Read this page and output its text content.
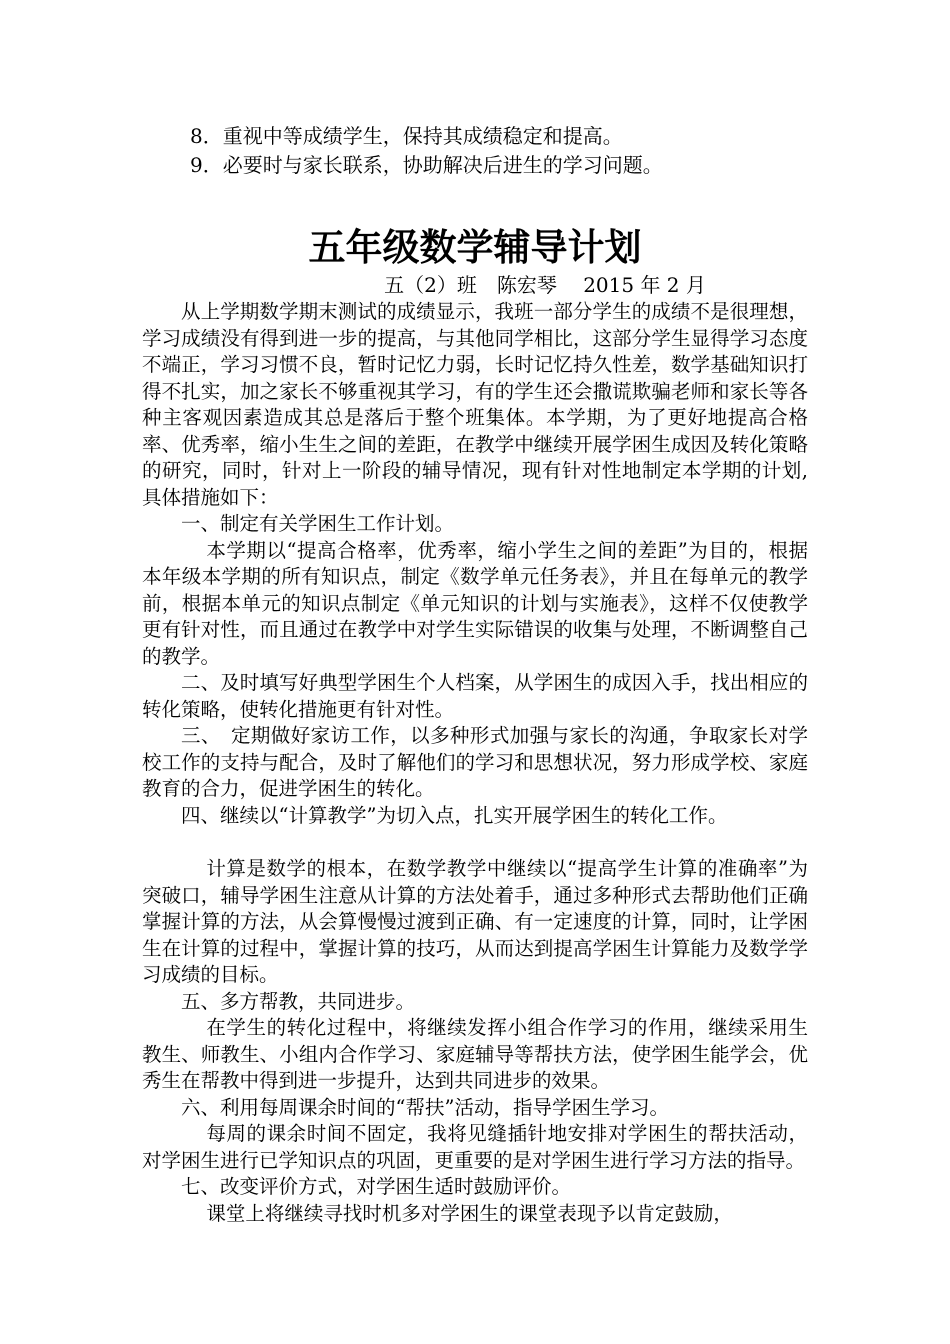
8．重视中等成绩学生，保持其成绩稳定和提高。

9．必要时与家长联系，协助解决后进生的学习问题。

五年级数学辅导计划

五（2）班　陈宏琴　 2015 年 2 月

从上学期数学期末测试的成绩显示，我班一部分学生的成绩不是很理想，学习成绩没有得到进一步的提高，与其他同学相比，这部分学生显得学习态度不端正，学习习惯不良，暂时记忆力弱，长时记忆持久性差，数学基础知识打得不扎实，加之家长不够重视其学习，有的学生还会撒谎欺骗老师和家长等各种主客观因素造成其总是落后于整个班集体。本学期，为了更好地提高合格率、优秀率，缩小生生之间的差距，在教学中继续开展学困生成因及转化策略的研究，同时，针对上一阶段的辅导情况，现有针对性地制定本学期的计划,具体措施如下：

一、制定有关学困生工作计划。

本学期以“提高合格率，优秀率，缩小学生之间的差距”为目的，根据本年级本学期的所有知识点，制定《数学单元任务表》，并且在每单元的教学前，根据本单元的知识点制定《单元知识的计划与实施表》，这样不仅使教学更有针对性，而且通过在教学中对学生实际错误的收集与处理，不断调整自己的教学。

二、及时填写好典型学困生个人档案，从学困生的成因入手，找出相应的转化策略，使转化措施更有针对性。

三、　定期做好家访工作，以多种形式加强与家长的沟通，争取家长对学校工作的支持与配合，及时了解他们的学习和思想状况，努力形成学校、家庭教育的合力，促进学困生的转化。

四、继续以“计算教学”为切入点，扎实开展学困生的转化工作。

计算是数学的根本，在数学教学中继续以“提高学生计算的准确率”为突破口，辅导学困生注意从计算的方法处着手，通过多种形式去帮助他们正确掌握计算的方法，从会算慢慢过渡到正确、有一定速度的计算，同时，让学困生在计算的过程中，掌握计算的技巧，从而达到提高学困生计算能力及数学学习成绩的目标。

五、多方帮教，共同进步。

在学生的转化过程中，将继续发挥小组合作学习的作用，继续采用生教生、师教生、小组内合作学习、家庭辅导等帮扶方法，使学困生能学会，优秀生在帮教中得到进一步提升，达到共同进步的效果。

六、利用每周课余时间的“帮扶”活动，指导学困生学习。

每周的课余时间不固定，我将见缝插针地安排对学困生的帮扶活动，对学困生进行已学知识点的巩固，更重要的是对学困生进行学习方法的指导。

七、改变评价方式，对学困生适时鼓励评价。

课堂上将继续寻找时机多对学困生的课堂表现予以肯定鼓励，
